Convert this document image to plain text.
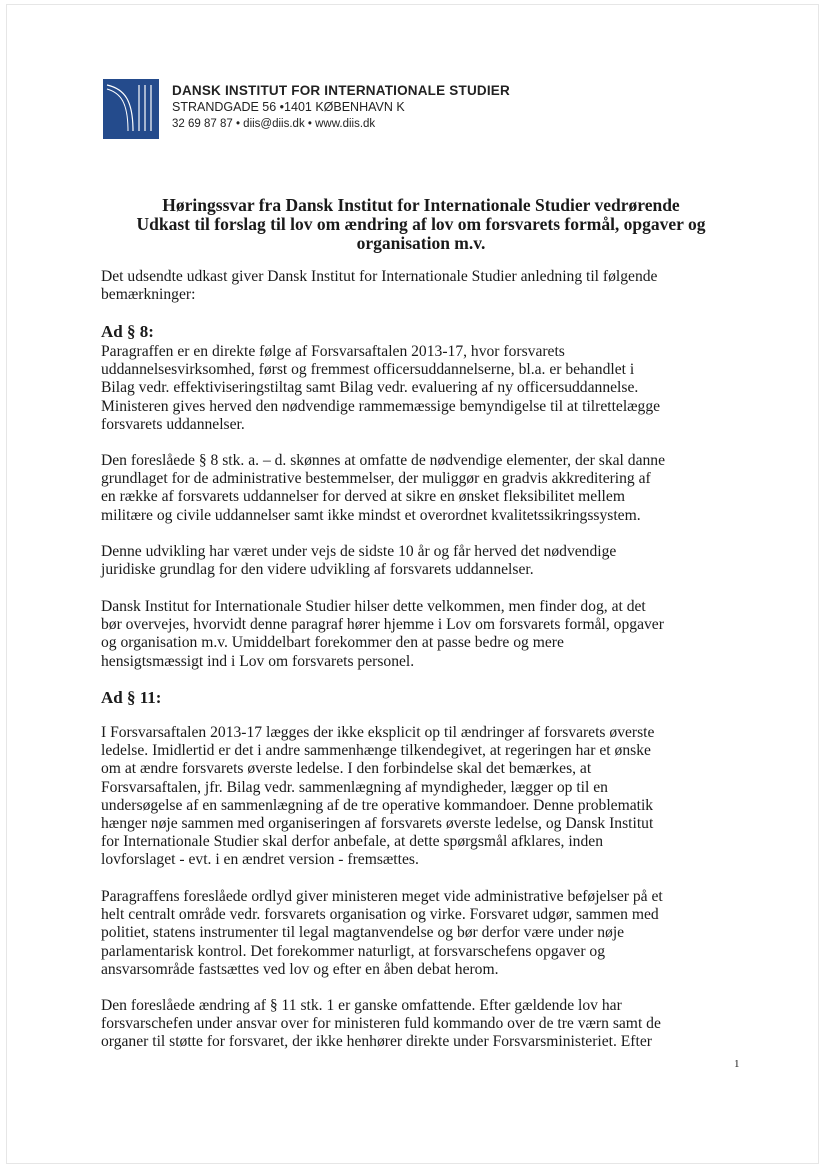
DANSK INSTITUT FOR INTERNATIONALE STUDIER
STRANDGADE 56 •1401 KØBENHAVN K
32 69 87 87 • diis@diis.dk • www.diis.dk
Høringssvar fra Dansk Institut for Internationale Studier vedrørende
Udkast til forslag til lov om ændring af lov om forsvarets formål, opgaver og
organisation m.v.
Det udsendte udkast giver Dansk Institut for Internationale Studier anledning til følgende
bemærkninger:
Ad § 8:
Paragraffen er en direkte følge af Forsvarsaftalen 2013-17, hvor forsvarets
uddannelsesvirksomhed, først og fremmest officersuddannelserne, bl.a. er behandlet i
Bilag vedr. effektiviseringstiltag samt Bilag vedr. evaluering af ny officersuddannelse.
Ministeren gives herved den nødvendige rammemæssige bemyndigelse til at tilrettelægge
forsvarets uddannelser.
Den foreslåede § 8 stk. a. – d. skønnes at omfatte de nødvendige elementer, der skal danne
grundlaget for de administrative bestemmelser, der muliggør en gradvis akkreditering af
en række af forsvarets uddannelser for derved at sikre en ønsket fleksibilitet mellem
militære og civile uddannelser samt ikke mindst et overordnet kvalitetssikringssystem.
Denne udvikling har været under vejs de sidste 10 år og får herved det nødvendige
juridiske grundlag for den videre udvikling af forsvarets uddannelser.
Dansk Institut for Internationale Studier hilser dette velkommen, men finder dog, at det
bør overvejes, hvorvidt denne paragraf hører hjemme i Lov om forsvarets formål, opgaver
og organisation m.v. Umiddelbart forekommer den at passe bedre og mere
hensigtsmæssigt ind i Lov om forsvarets personel.
Ad § 11:
I Forsvarsaftalen 2013-17 lægges der ikke eksplicit op til ændringer af forsvarets øverste
ledelse. Imidlertid er det i andre sammenhænge tilkendegivet, at regeringen har et ønske
om at ændre forsvarets øverste ledelse. I den forbindelse skal det bemærkes, at
Forsvarsaftalen, jfr. Bilag vedr. sammenlægning af myndigheder, lægger op til en
undersøgelse af en sammenlægning af de tre operative kommandoer. Denne problematik
hænger nøje sammen med organiseringen af forsvarets øverste ledelse, og Dansk Institut
for Internationale Studier skal derfor anbefale, at dette spørgsmål afklares, inden
lovforslaget - evt. i en ændret version - fremsættes.
Paragraffens foreslåede ordlyd giver ministeren meget vide administrative beføjelser på et
helt centralt område vedr. forsvarets organisation og virke. Forsvaret udgør, sammen med
politiet, statens instrumenter til legal magtanvendelse og bør derfor være under nøje
parlamentarisk kontrol. Det forekommer naturligt, at forsvarschefens opgaver og
ansvarsområde fastsættes ved lov og efter en åben debat herom.
Den foreslåede ændring af § 11 stk. 1 er ganske omfattende. Efter gældende lov har
forsvarschefen under ansvar over for ministeren fuld kommando over de tre værn samt de
organer til støtte for forsvaret, der ikke henhører direkte under Forsvarsministeriet. Efter
1
